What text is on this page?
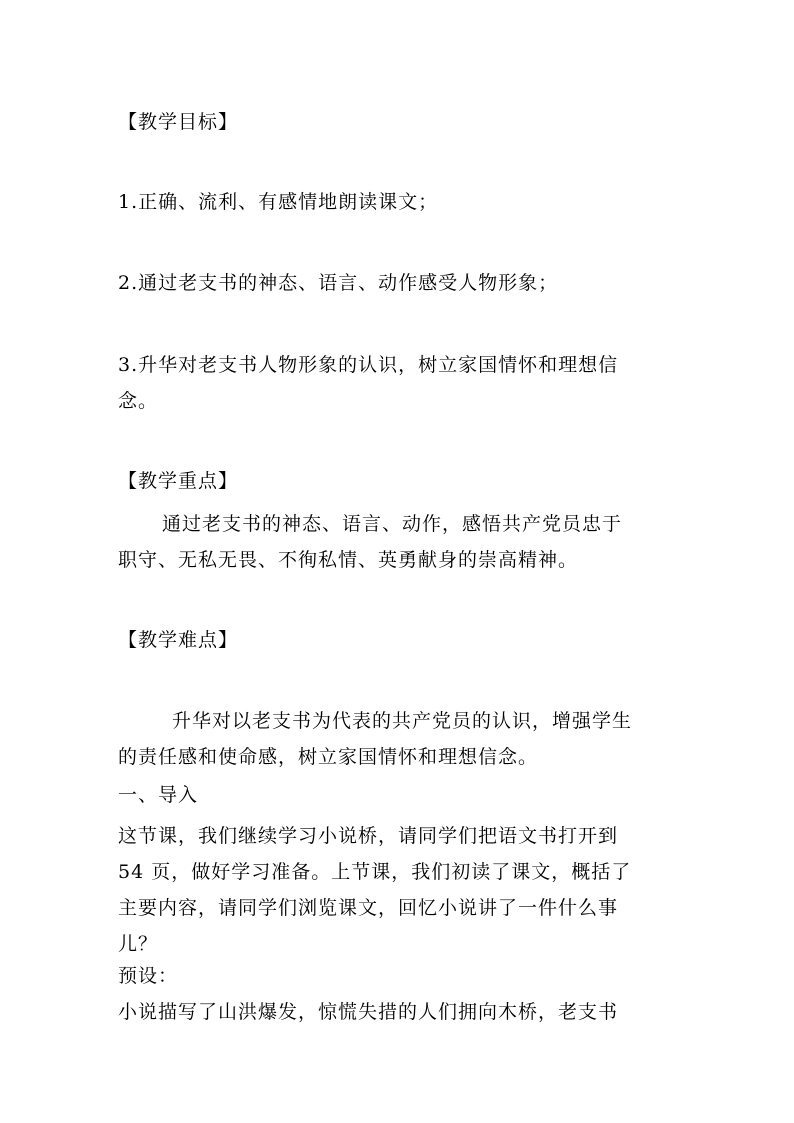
【教学目标】
1.正确、流利、有感情地朗读课文；
2.通过老支书的神态、语言、动作感受人物形象；
3.升华对老支书人物形象的认识，树立家国情怀和理想信
念。
【教学重点】
通过老支书的神态、语言、动作，感悟共产党员忠于
职守、无私无畏、不徇私情、英勇献身的崇高精神。
【教学难点】
升华对以老支书为代表的共产党员的认识，增强学生
的责任感和使命感，树立家国情怀和理想信念。
一、导入
这节课，我们继续学习小说桥，请同学们把语文书打开到
54 页，做好学习准备。上节课，我们初读了课文，概括了
主要内容，请同学们浏览课文，回忆小说讲了一件什么事
儿？
预设：
小说描写了山洪爆发，惊慌失措的人们拥向木桥，老支书
